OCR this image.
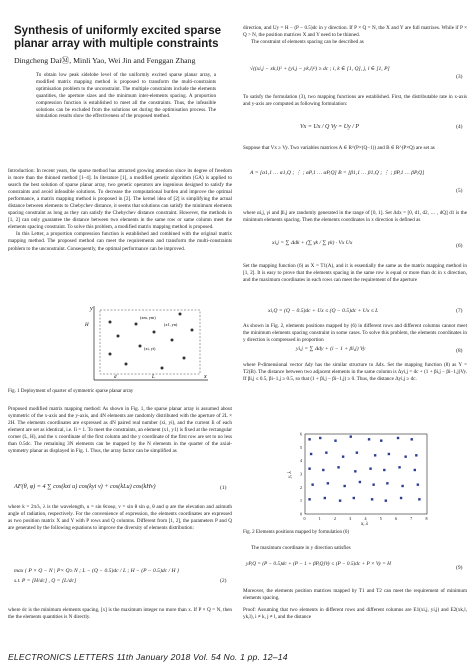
Synthesis of uniformly excited sparse planar array with multiple constraints
Dingcheng DaiⓂ, Minli Yao, Wei Jin and Fenggan Zhang
To obtain low peak sidelobe level of the uniformly excited sparse planar array, a modified matrix mapping method is proposed to transform the multi-constraints optimisation problem to the unconstraint. The multiple constraints include the elements quantities, the aperture sizes and the minimum inter-elements spacing. A proportion compression function is established to meet all the constraints. Thus, the infeasible solutions can be excluded from the solutions set during the optimisation process. The simulation results show the effectiveness of the proposed method.

Introduction: In recent years, the sparse method has attracted growing attention since its degree of freedom is more than the thinned method [1–4]. In literature [1], a modified genetic algorithm (GA) is applied to search the best solution of sparse planar array, two genetic operators are ingenious designed to satisfy the constraints and avoid infeasible solutions. To decrease the computational burden and improve the optimal performance, a matrix mapping method is proposed in [2]. The kernel idea of [2] is simplifying the actual distance between elements to Chebychev distance, it seems that solutions can satisfy the minimum elements spacing constraint as long as they can satisfy the Chebychev distance constraint. However, the methods in [1, 2] can only guarantee the distance between two elements in the same row or same column meet the elements spacing constraint. To solve this problem, a modified matrix mapping method is proposed.

In this Letter, a proportion compression function is established and combined with the original matrix mapping method. The proposed method can meet the requirements and transform the multi-constraints problem to the unconstraint. Consequently, the optimal performance can be improved.

y
x
H
L
d
(xm, ym)
(x1, yn)
(xi, yi)
Fig. 1 Deployment of quarter of symmetric sparse planar array

Proposed modified matrix mapping method: As shown in Fig. 1, the sparse planar array is assumed about symmetric of the x-axis and the y-axis, and 4N elements are randomly distributed with the aperture of 2L × 2H. The elements coordinates are expressed as 4N paired real number (xi, yi), and the current Ii of each element are set as identical, i.e. Ii = 1. To meet the constraints, an element (x1, y1) is fixed at the rectangular corner (L, H), and the x coordinate of the first column and the y coordinate of the first row are set to no less than 0.5dc. The remaining 3N elements can be mapped by the N elements in the quarter of the axial-symmetry planar as displayed in Fig. 1. Thus, the array factor can be simplified as

AF(θ, φ) = 4 ∑ cos(kxi u) cos(kyi v) + cos(kLu) cos(kHv)	(1)

where k = 2π/λ, λ is the wavelength, u = sin θcosφ, v = sin θ sin φ, θ and φ are the elevation and azimuth angle of radiation, respectively. For the convenience of expression, the elements coordinates are expressed as two position matrix X and Y with P rows and Q columns. Different from [1, 2], the parameters P and Q are generated by the following equations to improve the diversity of elements distribution:

max { P × Q − N | P× Q≥ N ; L − (Q − 0.5)dc / L ; H − (P − 0.5)dc / H }
s.t. P = [H/dc] , Q = [L/dc]	(2)

where dc is the minimum elements spacing, [x] is the maximum integer no more than x. If P × Q = N, then the the elements quantities is N directly.

direction, and Uy = H − (P − 0.5)dc in y direction. If P × Q = N, the X and Y are full matrixes. While if P × Q > N, the position matrices X and Y need to be thinned.

The constraint of elements spacing can be described as

√((xi,j − xk,l)² + (yi,j − yk,l)²) ≥ dc ; i, k ∈ [1, Q], j, l ∈ [1, P]
(3)

To satisfy the formulation (3), two mapping functions are established. First, the distributable rate in x-axis and y-axis are computed as following formulation:

Vx = Ux / Q Vy = Uy / P	(4)

Suppose that Vx ≥ Vy. Two variables matrices A ∈ R^(P×(Q−1)) and B ∈ R^(P×Q) are set as

A = [α1,1 … α1,Q ; ⋮ ; αP,1 … αP,Q] B = [β1,1 … β1,Q ; ⋮ ; βP,1 … βP,Q]
(5)

where αi,j, γi and βi,j are randomly generated in the range of [0, 1]. Set Δdx = [0, d1, d2, … , dQ] d1 is the minimum elements spacing. Then the elements coordinates in x direction is defined as

xi,j = ∑ Δdk + (∑ γk / ∑ γk) · Vx Ux	(6)

Set the mapping function (6) as X = T1(A), and it is essentially the same as the matrix mapping method in [1, 2]. It is easy to prove that the elements spacing in the same row is equal or more than dc in x direction, and the maximum coordinates in each rows can meet the requirement of the aperture

xi,Q = (Q − 0.5)dc + Ux ≤ (Q − 0.5)dc + Ux ≤ L	(7)

As shown in Fig. 2, elements positions mapped by (6) in different rows and different columns cannot meet the minimum elements spacing constraint in some cases. To solve this problem, the elements coordinates in y direction is compressed in proportion

yi,j = ∑ Δdy + (i − 1 + βi,j) Vy	(8)

where P-dimensional vector Δdy has the similar structure to Δdx. Set the mapping function (8) as Y = T2(B). The distance between two adjacent elements in the same column is Δyi,j = dc + (1 + βi,j − βi−1,j)Vy. If βi,j ≤ 0.5, βi−1,j ≥ 0.5, so that (1 + βi,j − βi−1,j) ≥ 0. Thus, the distance Δyi,j ≥ dc.

0	1	2	3	4	5	6	7	8
0
1
2
3
4
5
6
y, λ
x, λ
Fig. 2 Elements positions mapped by formulation (6)

The maximum coordinate in y direction satisfies

yP,Q = (P − 0.5)dc + (P − 1 + βP,Q)Vy ≤ (P − 0.5)dc + P × Vy = H
(9)

Moreover, the elements position matrices mapped by T1 and T2 can meet the requirement of minimum elements spacing.

Proof: Assuming that two elements in different rows and different columns are E1(xi,j, yi,j) and E2(xk,l, yk,l), i ≠ k, j ≠ l, and the distance

ELECTRONICS LETTERS 11th January 2018 Vol. 54 No. 1 pp. 12–14
